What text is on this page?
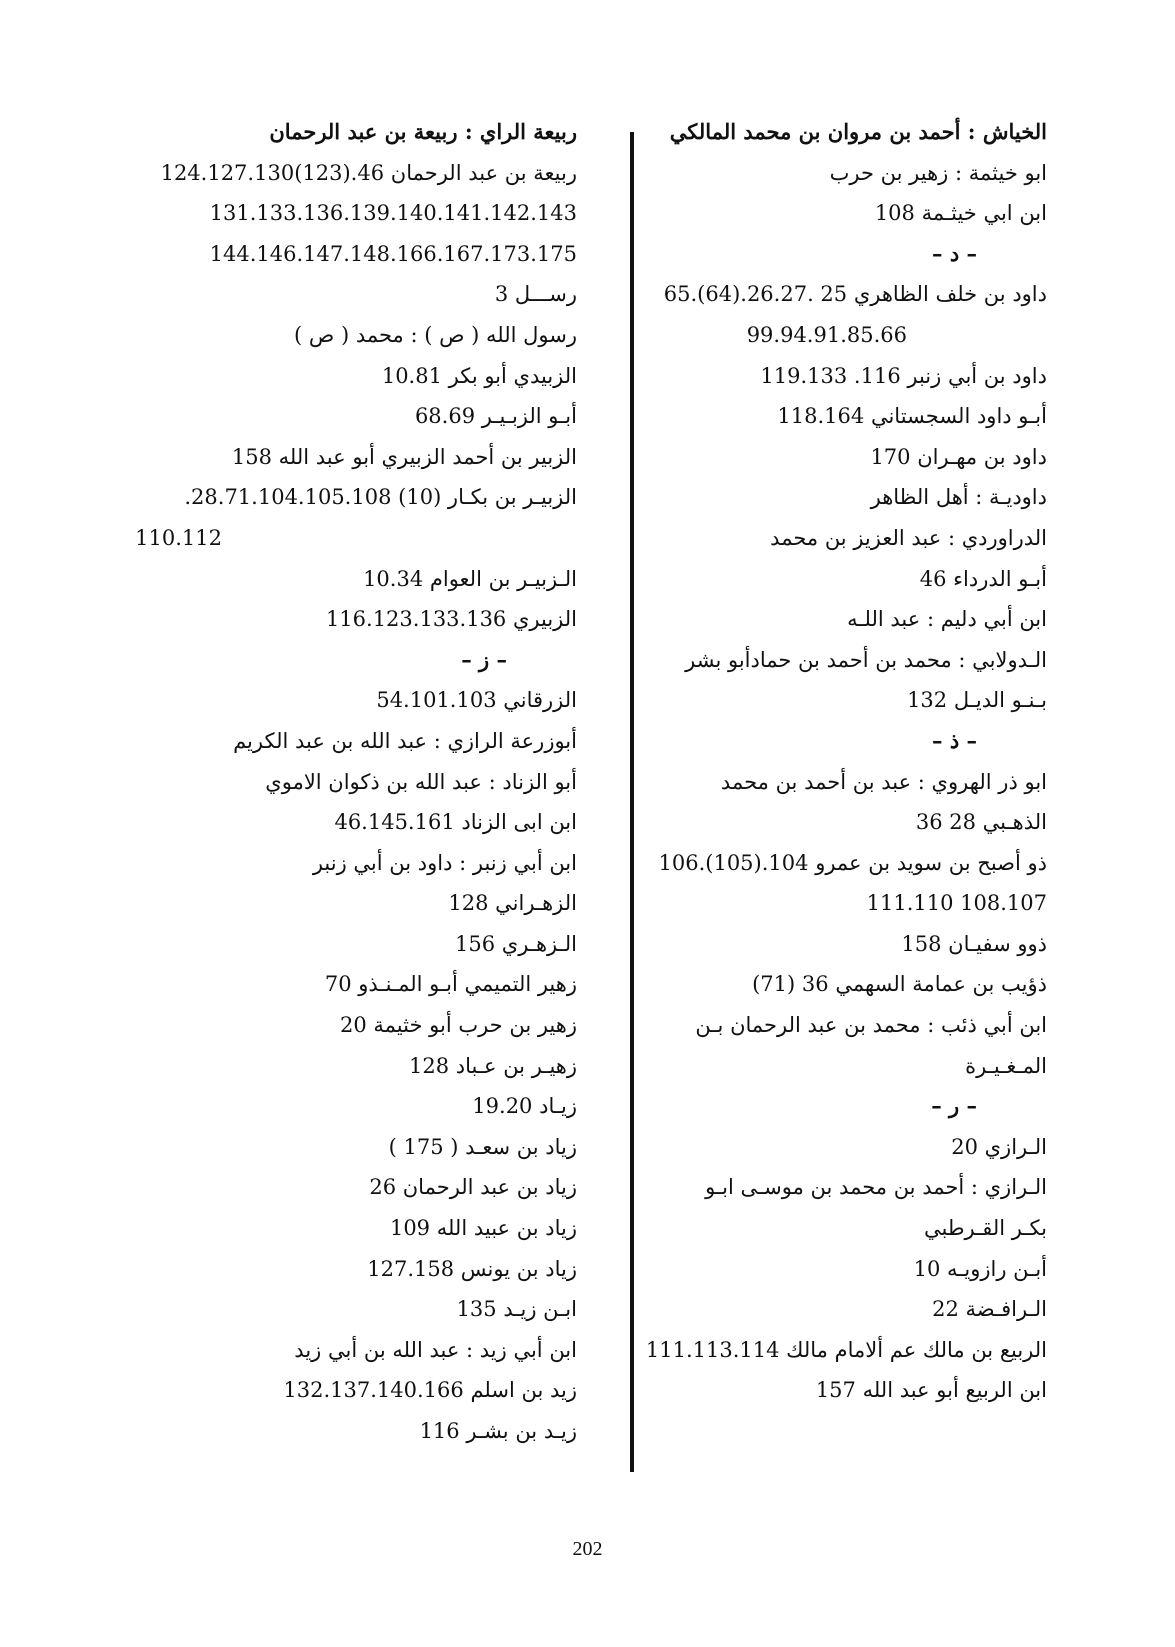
الخياش : أحمد بن مروان بن محمد المالكي
ابو خيثمة : زهير بن حرب
ابن ابي خيثـمة 108
– د –
داود بن خلف الظاهري 25 .26.27.(64).65
99.94.91.85.66
داود بن أبي زنبر 116. 119.133
أبـو داود السجستاني 118.164
داود بن مهـران 170
داوديـة : أهل الظاهر
الدراوردي : عبد العزيز بن محمد
أبـو الدرداء 46
ابن أبي دليم : عبد اللـه
الـدولابي : محمد بن أحمد بن حمادأبو بشر
بـنـو الديـل 132
– ذ –
ابو ذر الهروي : عبد بن أحمد بن محمد
الذهـبي 28 36
ذو أصبح بن سويد بن عمرو 104.(105).106
108.107 111.110
ذوو سفيـان 158
ذؤيب بن عمامة السهمي 36 (71)
ابن أبي ذئب : محمد بن عبد الرحمان بـن
المـغـيـرة
– ر –
الـرازي 20
الـرازي : أحمد بن محمد بن موسـى ابـو
بكـر القـرطبي
أبـن رازويـه 10
الـرافـضة 22
الربيع بن مالك عم ألامام مالك 111.113.114
ابن الربيع أبو عبد الله 157
ربيعة الراي : ربيعة بن عبد الرحمان
ربيعة بن عبد الرحمان 46.(123)124.127.130
131.133.136.139.140.141.142.143
144.146.147.148.166.167.173.175
رســـل 3
رسول الله ( ص ) : محمد ( ص )
الزبيدي أبو بكر 10.81
أبـو الزبـيـر 68.69
الزبير بن أحمد الزبيري أبو عبد الله 158
الزبيـر بن بكـار (10) 28.71.104.105.108.
110.112
الـزبيـر بن العوام 10.34
الزبيري 116.123.133.136
– ز –
الزرقاني 54.101.103
أبوزرعة الرازي : عبد الله بن عبد الكريم
أبو الزناد : عبد الله بن ذكوان الاموي
ابن ابى الزناد 46.145.161
ابن أبي زنبر : داود بن أبي زنبر
الزهـراني 128
الـزهـري 156
زهير التميمي أبـو المـنـذو 70
زهير بن حرب أبو خثيمة 20
زهيـر بن عـباد 128
زيـاد 19.20
زياد بن سعـد ( 175 )
زياد بن عبد الرحمان 26
زياد بن عبيد الله 109
زياد بن يونس 127.158
ابـن زيـد 135
ابن أبي زيد : عبد الله بن أبي زيد
زيد بن اسلم 132.137.140.166
زيـد بن بشـر 116
202
